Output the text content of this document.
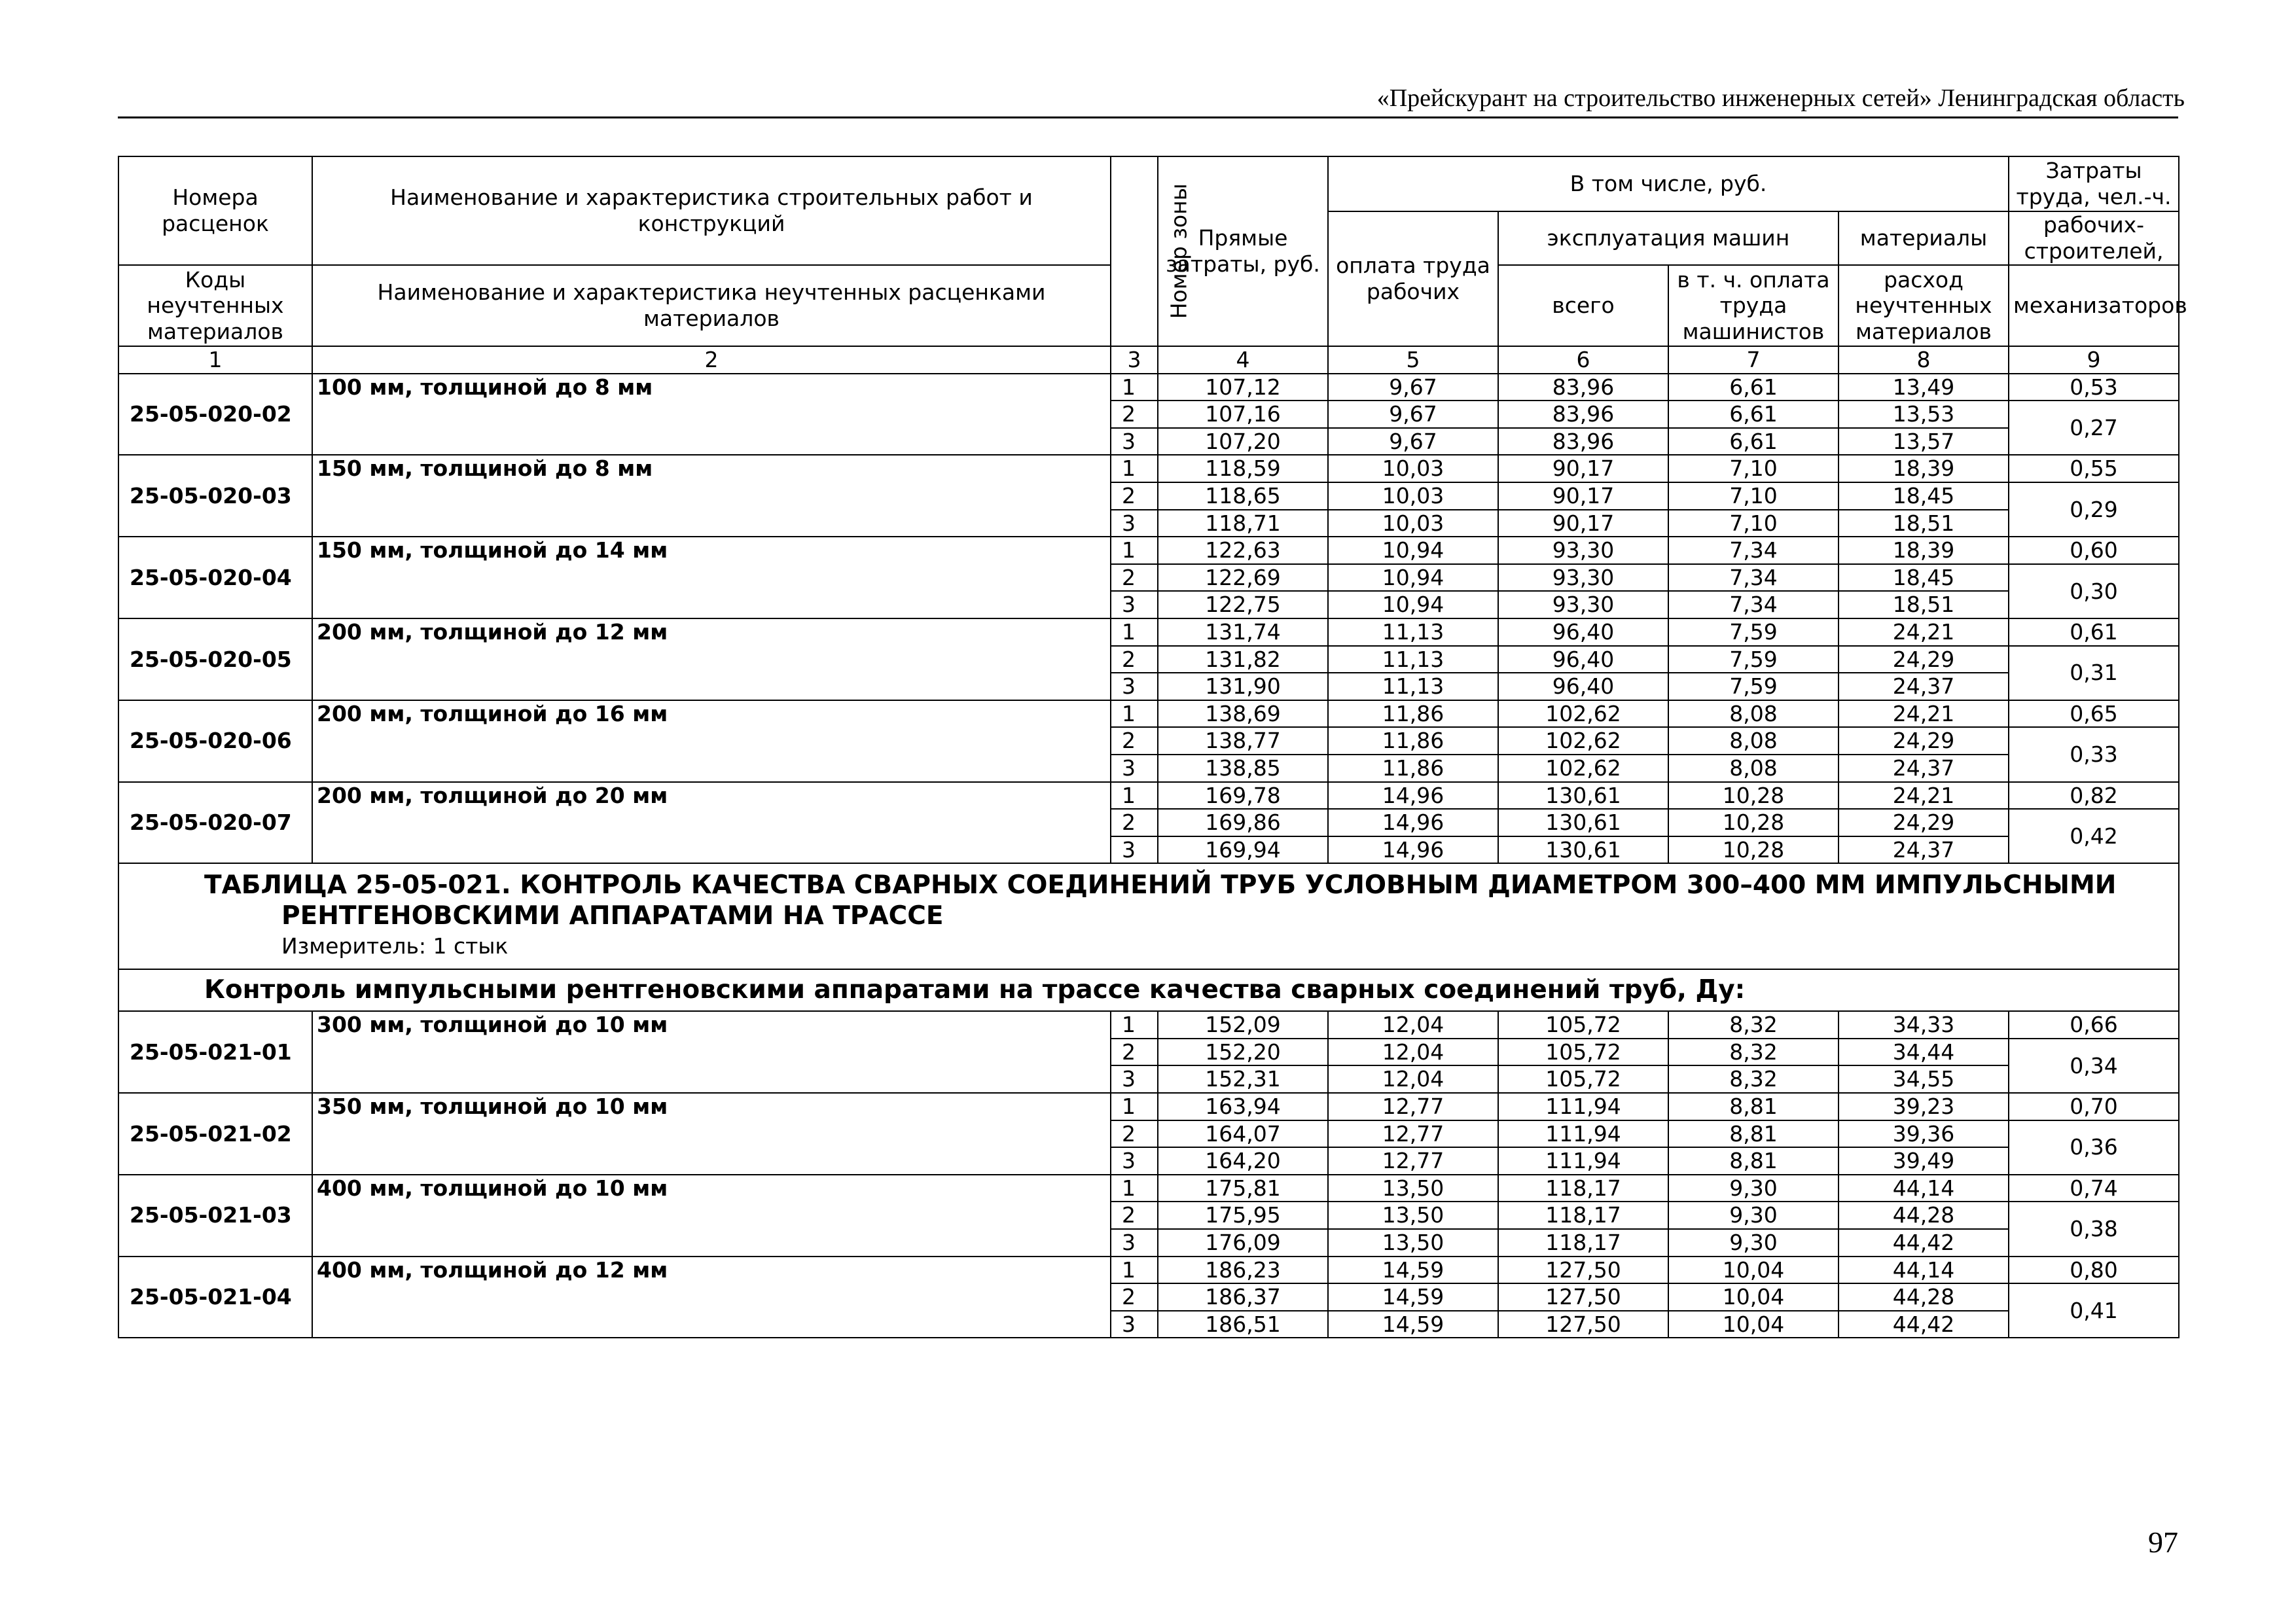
«Прейскурант на строительство инженерных сетей» Ленинградская область
Номера расценок	Наименование и характеристика строительных работ и конструкций	Номер зоны	Прямые затраты, руб.	В том числе, руб.				Затраты труда, чел.-ч.
				оплата труда рабочих	эксплуатация машин		материалы	рабочих-строителей,
Коды неучтенных материалов	Наименование и характеристика неучтенных расценками материалов				всего	в т. ч. оплата труда машинистов	расход неучтенных материалов	механизаторов
1	2	3	4	5	6	7	8	9
25-05-020-02	100 мм, толщиной до 8 мм	1	107,12	9,67	83,96	6,61	13,49	0,53
		2	107,16	9,67	83,96	6,61	13,53	0,27
		3	107,20	9,67	83,96	6,61	13,57	
25-05-020-03	150 мм, толщиной до 8 мм	1	118,59	10,03	90,17	7,10	18,39	0,55
		2	118,65	10,03	90,17	7,10	18,45	0,29
		3	118,71	10,03	90,17	7,10	18,51	
25-05-020-04	150 мм, толщиной до 14 мм	1	122,63	10,94	93,30	7,34	18,39	0,60
		2	122,69	10,94	93,30	7,34	18,45	0,30
		3	122,75	10,94	93,30	7,34	18,51	
25-05-020-05	200 мм, толщиной до 12 мм	1	131,74	11,13	96,40	7,59	24,21	0,61
		2	131,82	11,13	96,40	7,59	24,29	0,31
		3	131,90	11,13	96,40	7,59	24,37	
25-05-020-06	200 мм, толщиной до 16 мм	1	138,69	11,86	102,62	8,08	24,21	0,65
		2	138,77	11,86	102,62	8,08	24,29	0,33
		3	138,85	11,86	102,62	8,08	24,37	
25-05-020-07	200 мм, толщиной до 20 мм	1	169,78	14,96	130,61	10,28	24,21	0,82
		2	169,86	14,96	130,61	10,28	24,29	0,42
		3	169,94	14,96	130,61	10,28	24,37	

ТАБЛИЦА 25-05-021. КОНТРОЛЬ КАЧЕСТВА СВАРНЫХ СОЕДИНЕНИЙ ТРУБ УСЛОВНЫМ ДИАМЕТРОМ 300–400 ММ ИМПУЛЬСНЫМИ
РЕНТГЕНОВСКИМИ АППАРАТАМИ НА ТРАССЕ
Измеритель: 1 стык								

Контроль импульсными рентгеновскими аппаратами на трассе качества сварных соединений труб, Ду:								
25-05-021-01	300 мм, толщиной до 10 мм	1	152,09	12,04	105,72	8,32	34,33	0,66
		2	152,20	12,04	105,72	8,32	34,44	0,34
		3	152,31	12,04	105,72	8,32	34,55	
25-05-021-02	350 мм, толщиной до 10 мм	1	163,94	12,77	111,94	8,81	39,23	0,70
		2	164,07	12,77	111,94	8,81	39,36	0,36
		3	164,20	12,77	111,94	8,81	39,49	
25-05-021-03	400 мм, толщиной до 10 мм	1	175,81	13,50	118,17	9,30	44,14	0,74
		2	175,95	13,50	118,17	9,30	44,28	0,38
		3	176,09	13,50	118,17	9,30	44,42	
25-05-021-04	400 мм, толщиной до 12 мм	1	186,23	14,59	127,50	10,04	44,14	0,80
		2	186,37	14,59	127,50	10,04	44,28	0,41
		3	186,51	14,59	127,50	10,04	44,42	
97
